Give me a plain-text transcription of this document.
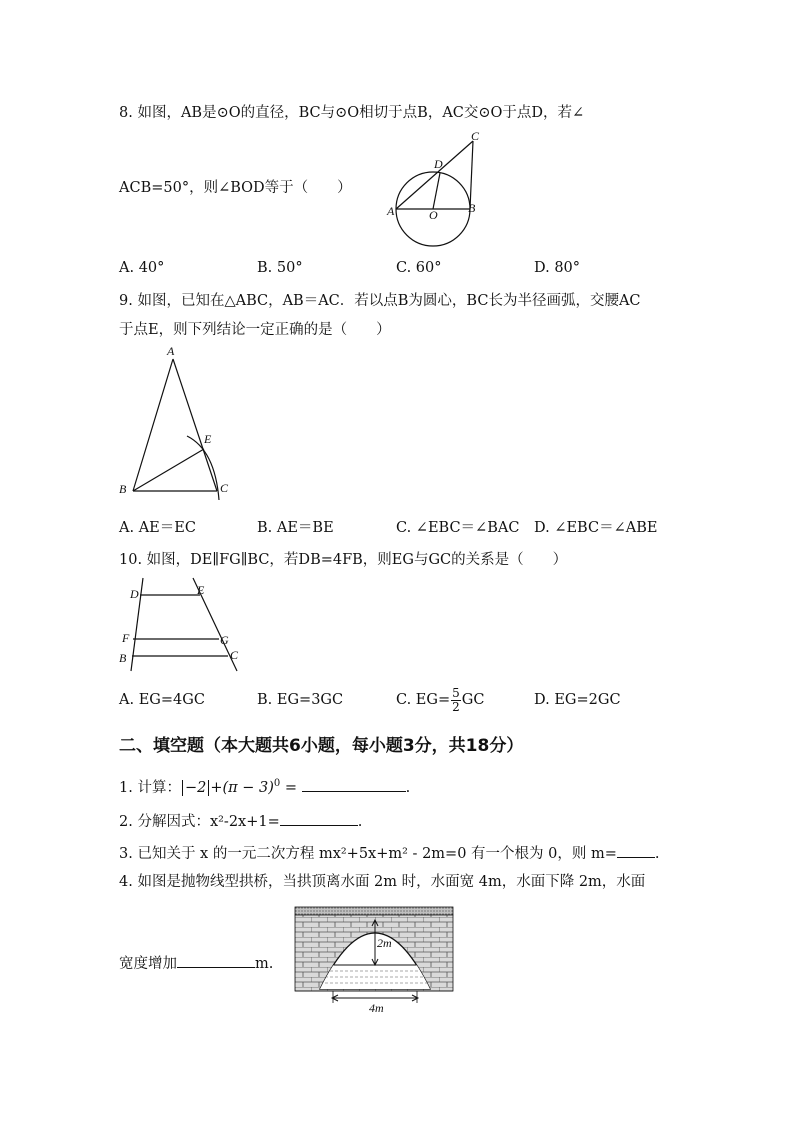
8. 如图，AB是⊙O的直径，BC与⊙O相切于点B，AC交⊙O于点D，若∠
ACB=50°，则∠BOD等于（　　）
A	B
C
D
O
A. 40°	B. 50°	C. 60°	D. 80°
9. 如图，已知在△ABC，AB＝AC．若以点B为圆心，BC长为半径画弧，交腰AC
于点E，则下列结论一定正确的是（　　）
A
B	C
E
A. AE＝EC	B. AE＝BE	C. ∠EBC＝∠BAC D. ∠EBC＝∠ABE
10. 如图，DE∥FG∥BC，若DB=4FB，则EG与GC的关系是（　　）
D	E
F	G
B	C
A. EG=4GC	B. EG=3GC	C. $EG= \frac{5}{2}$ GC	D. EG=2GC
二、填空题（本大题共6小题，每小题3分，共18分）
1. 计算： $-2 +(\pi - 3)^0$ =	.
2. 分解因式：x²-2x+1=	.
3. 已知关于 x 的一元二次方程 mx²+5x+m² - 2m=0 有一个根为 0，则 m=	.
4. 如图是抛物线型拱桥，当拱顶离水面 2m 时，水面宽 4m，水面下降 2m，水面
宽度增加	m.
2m
4m
